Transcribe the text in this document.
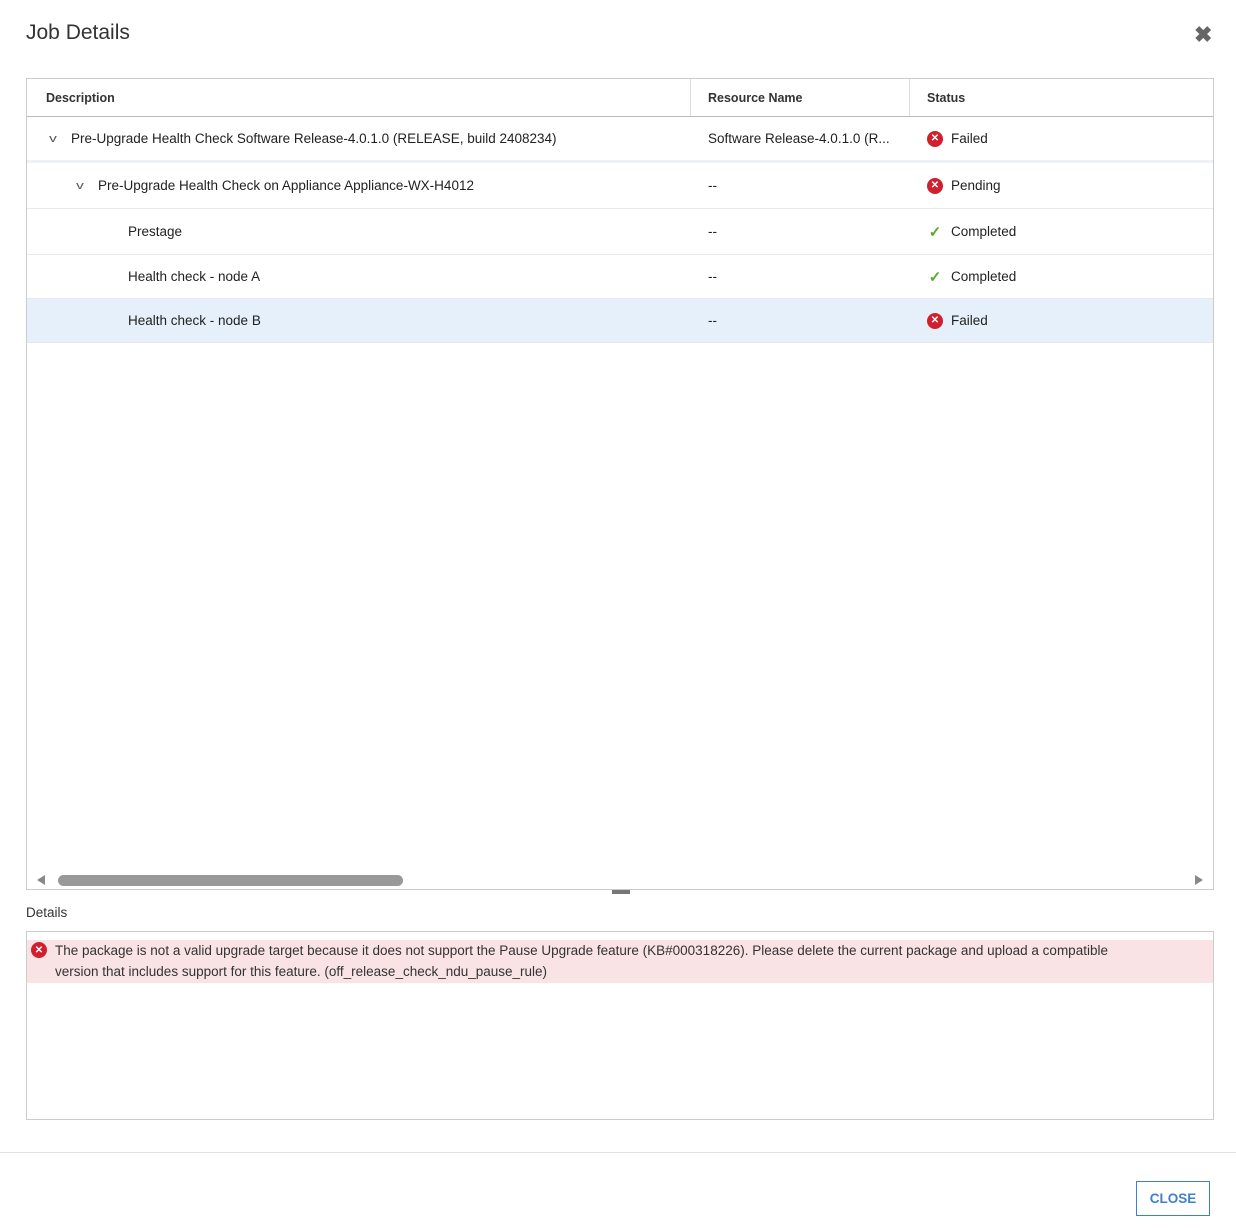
Job Details	✖
Description	Resource Name	Status
v	Pre-Upgrade Health Check Software Release-4.0.1.0 (RELEASE, build 2408234)	Software Release-4.0.1.0 (R...	✕ Failed
v	Pre-Upgrade Health Check on Appliance Appliance-WX-H4012	--	✕ Pending
Prestage	--	✓ Completed
Health check - node A	--	✓ Completed
Health check - node B	--	✕ Failed
Details
✕ The package is not a valid upgrade target because it does not support the Pause Upgrade feature (KB#000318226). Please delete the current package and upload a compatible version that includes support for this feature. (off_release_check_ndu_pause_rule)
CLOSE
